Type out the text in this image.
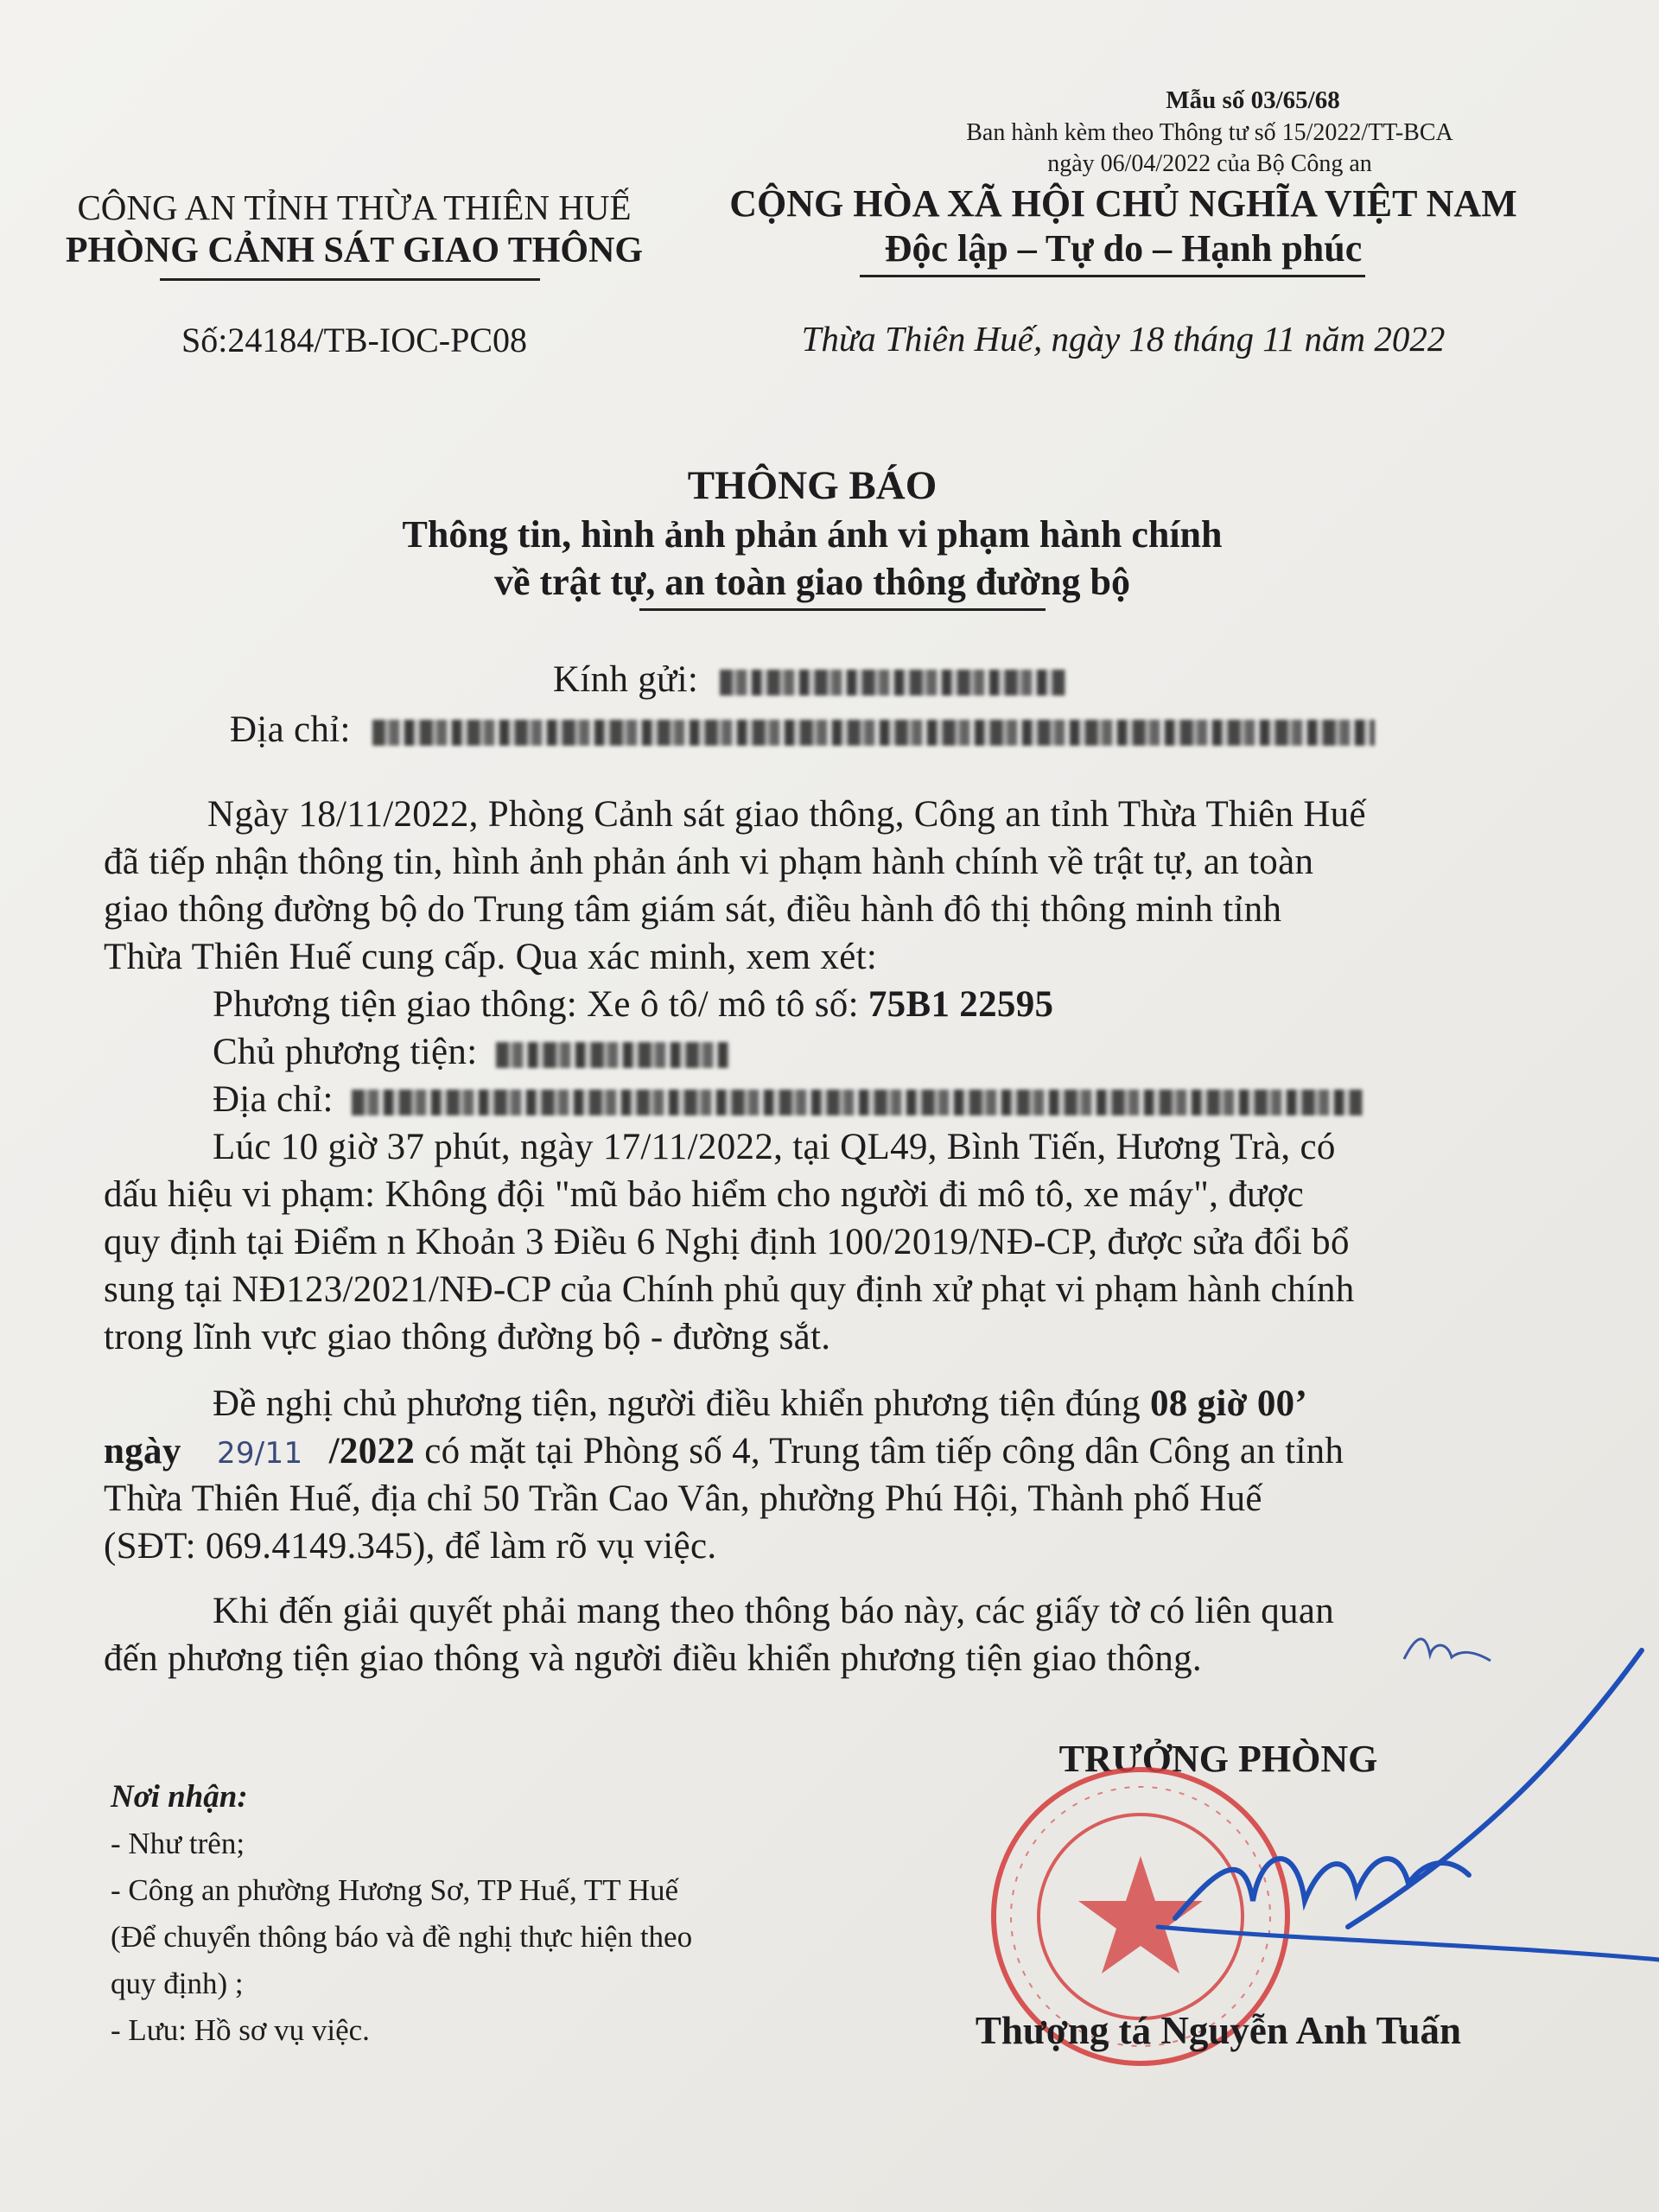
Mẫu số 03/65/68
Ban hành kèm theo Thông tư số 15/2022/TT-BCA
ngày 06/04/2022 của Bộ Công an
CÔNG AN TỈNH THỪA THIÊN HUẾ
PHÒNG CẢNH SÁT GIAO THÔNG
Số:24184/TB-IOC-PC08
CỘNG HÒA XÃ HỘI CHỦ NGHĨA VIỆT NAM
Độc lập – Tự do – Hạnh phúc
Thừa Thiên Huế, ngày 18 tháng 11 năm 2022
THÔNG BÁO
Thông tin, hình ảnh phản ánh vi phạm hành chính
về trật tự, an toàn giao thông đường bộ
Kính gửi:
Địa chỉ:
Ngày 18/11/2022, Phòng Cảnh sát giao thông, Công an tỉnh Thừa Thiên Huế
đã tiếp nhận thông tin, hình ảnh phản ánh vi phạm hành chính về trật tự, an toàn
giao thông đường bộ do Trung tâm giám sát, điều hành đô thị thông minh tỉnh
Thừa Thiên Huế cung cấp. Qua xác minh, xem xét:
Phương tiện giao thông: Xe ô tô/ mô tô số: 75B1 22595
Chủ phương tiện:
Địa chỉ:
Lúc 10 giờ 37 phút, ngày 17/11/2022, tại QL49, Bình Tiến, Hương Trà, có
dấu hiệu vi phạm: Không đội "mũ bảo hiểm cho người đi mô tô, xe máy", được
quy định tại Điểm n Khoản 3 Điều 6 Nghị định 100/2019/NĐ-CP, được sửa đổi bổ
sung tại NĐ123/2021/NĐ-CP của Chính phủ quy định xử phạt vi phạm hành chính
trong lĩnh vực giao thông đường bộ - đường sắt.
Đề nghị chủ phương tiện, người điều khiển phương tiện đúng 08 giờ 00’
ngày 29/11 /2022 có mặt tại Phòng số 4, Trung tâm tiếp công dân Công an tỉnh
Thừa Thiên Huế, địa chỉ 50 Trần Cao Vân, phường Phú Hội, Thành phố Huế
(SĐT: 069.4149.345), để làm rõ vụ việc.
Khi đến giải quyết phải mang theo thông báo này, các giấy tờ có liên quan
đến phương tiện giao thông và người điều khiển phương tiện giao thông.
Nơi nhận:
- Như trên;
- Công an phường Hương Sơ, TP Huế, TT Huế
(Để chuyển thông báo và đề nghị thực hiện theo
quy định) ;
- Lưu: Hồ sơ vụ việc.
TRƯỞNG PHÒNG
Thượng tá Nguyễn Anh Tuấn
